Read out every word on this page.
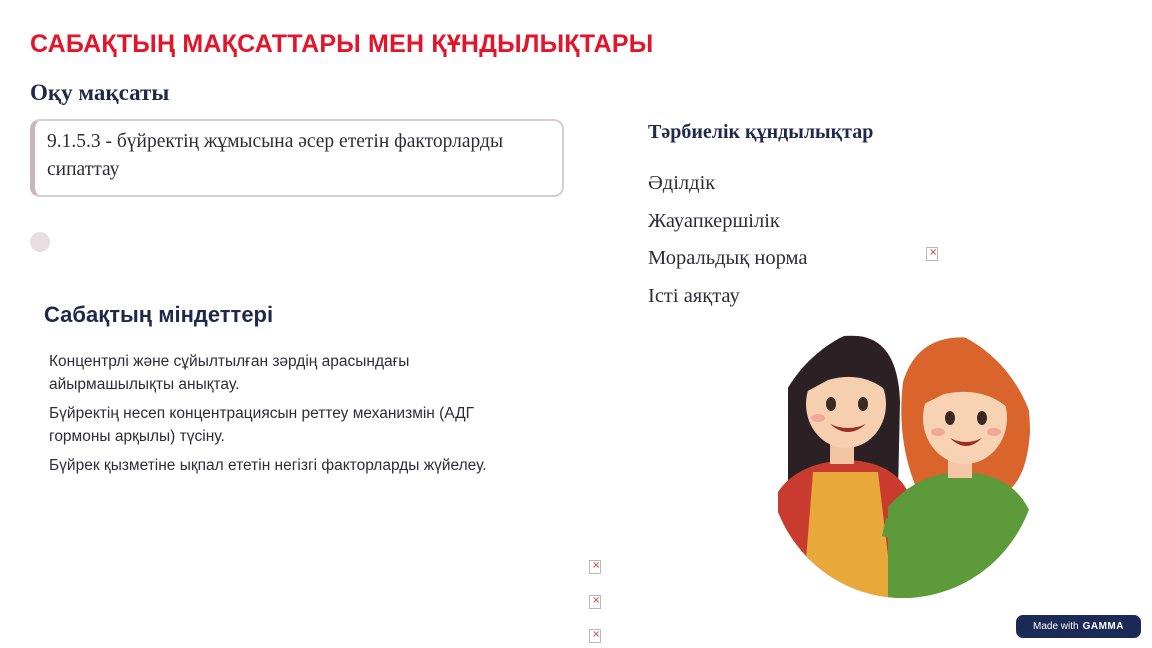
САБАҚТЫҢ МАҚСАТТАРЫ МЕН ҚҰНДЫЛЫҚТАРЫ
Оқу мақсаты
9.1.5.3 - бүйректің жұмысына әсер ететін факторларды сипаттау
Сабақтың міндеттері
Концентрлі және сұйылтылған зәрдің арасындағы айырмашылықты анықтау.
Бүйректің несеп концентрациясын реттеу механизмін (АДГ гормоны арқылы) түсіну.
Бүйрек қызметіне ықпал ететін негізгі факторларды жүйелеу.
Тәрбиелік құндылықтар
Әділдік
Жауапкершілік
Моральдық норма
Істі аяқтау
×
×
×
×
Made with GAMMA
